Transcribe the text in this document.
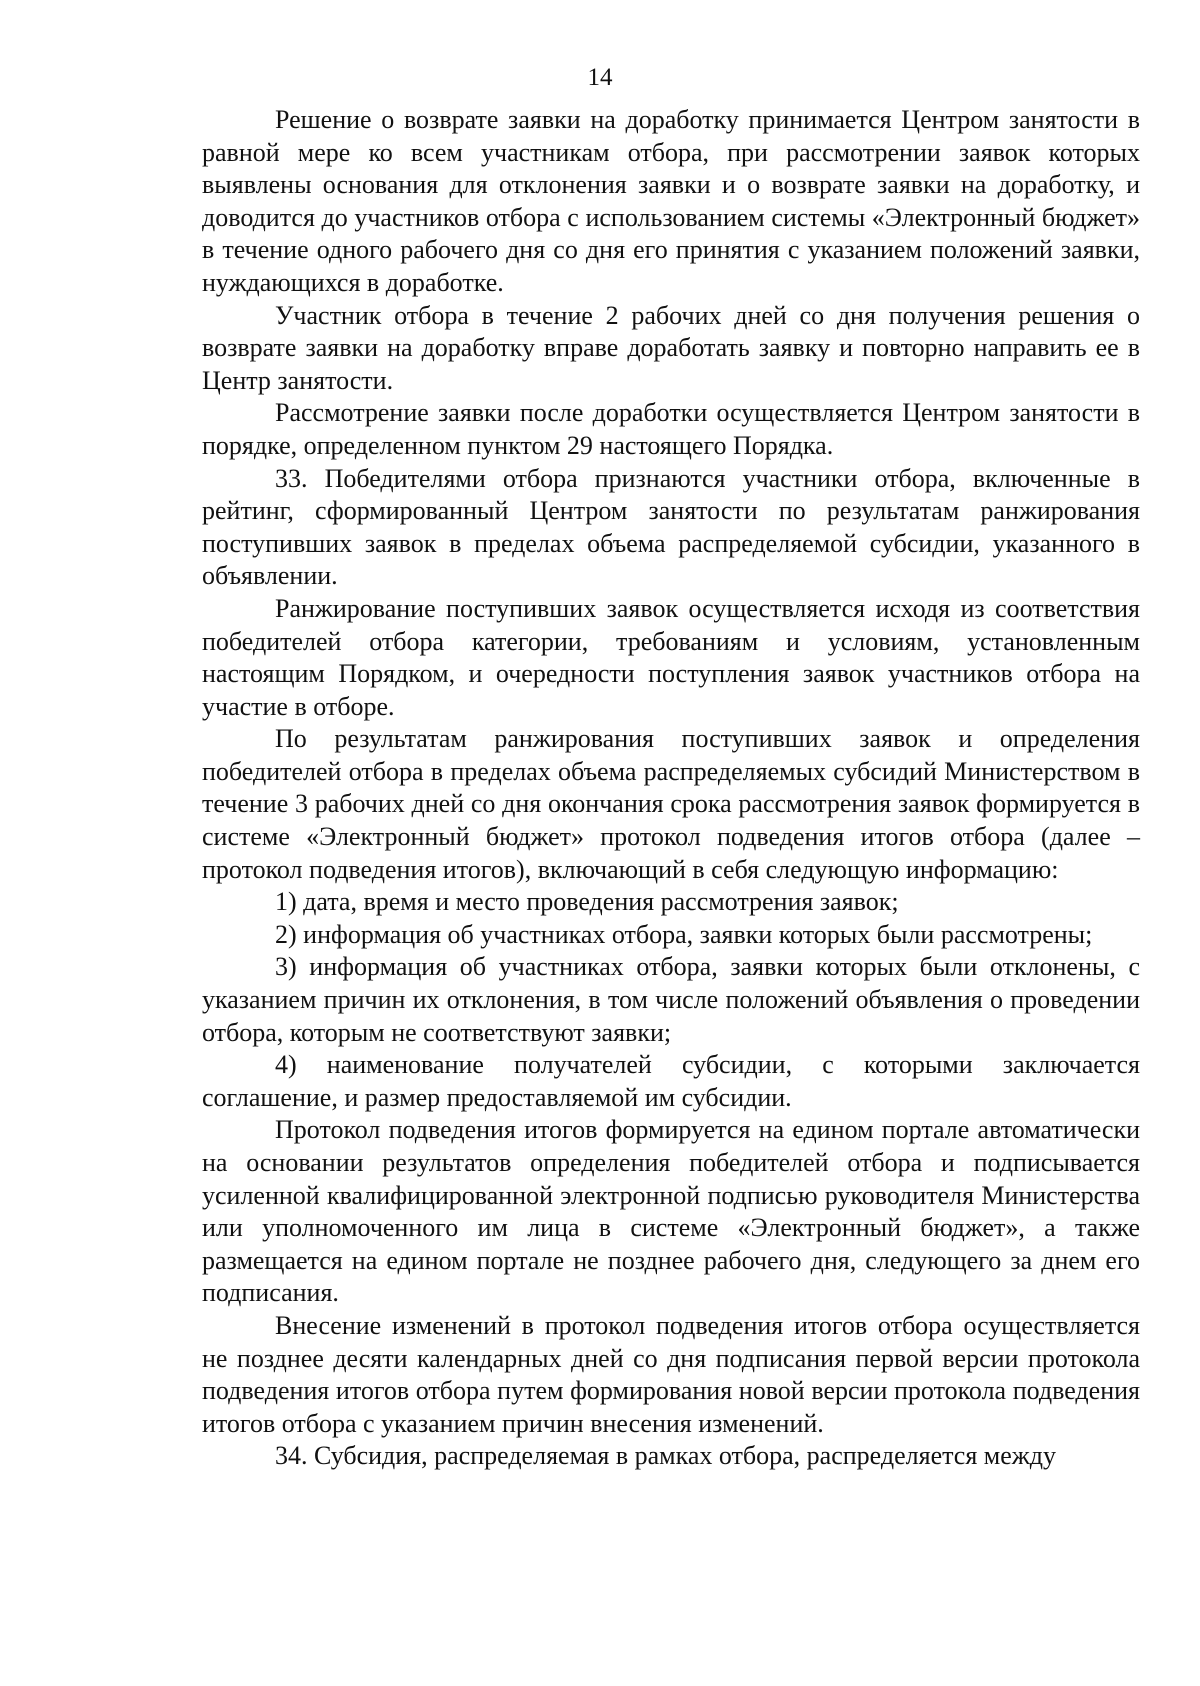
14

Решение о возврате заявки на доработку принимается Центром занятости в равной мере ко всем участникам отбора, при рассмотрении заявок которых выявлены основания для отклонения заявки и о возврате заявки на доработку, и доводится до участников отбора с использованием системы «Электронный бюджет» в течение одного рабочего дня со дня его принятия с указанием положений заявки, нуждающихся в доработке.

Участник отбора в течение 2 рабочих дней со дня получения решения о возврате заявки на доработку вправе доработать заявку и повторно направить ее в Центр занятости.

Рассмотрение заявки после доработки осуществляется Центром занятости в порядке, определенном пунктом 29 настоящего Порядка.

33. Победителями отбора признаются участники отбора, включенные в рейтинг, сформированный Центром занятости по результатам ранжирования поступивших заявок в пределах объема распределяемой субсидии, указанного в объявлении.

Ранжирование поступивших заявок осуществляется исходя из соответствия победителей отбора категории, требованиям и условиям, установленным настоящим Порядком, и очередности поступления заявок участников отбора на участие в отборе.

По результатам ранжирования поступивших заявок и определения победителей отбора в пределах объема распределяемых субсидий Министерством в течение 3 рабочих дней со дня окончания срока рассмотрения заявок формируется в системе «Электронный бюджет» протокол подведения итогов отбора (далее – протокол подведения итогов), включающий в себя следующую информацию:

1) дата, время и место проведения рассмотрения заявок;

2) информация об участниках отбора, заявки которых были рассмотрены;

3) информация об участниках отбора, заявки которых были отклонены, с указанием причин их отклонения, в том числе положений объявления о проведении отбора, которым не соответствуют заявки;

4) наименование получателей субсидии, с которыми заключается соглашение, и размер предоставляемой им субсидии.

Протокол подведения итогов формируется на едином портале автоматически на основании результатов определения победителей отбора и подписывается усиленной квалифицированной электронной подписью руководителя Министерства или уполномоченного им лица в системе «Электронный бюджет», а также размещается на едином портале не позднее рабочего дня, следующего за днем его подписания.

Внесение изменений в протокол подведения итогов отбора осуществляется не позднее десяти календарных дней со дня подписания первой версии протокола подведения итогов отбора путем формирования новой версии протокола подведения итогов отбора с указанием причин внесения изменений.

34. Субсидия, распределяемая в рамках отбора, распределяется между
